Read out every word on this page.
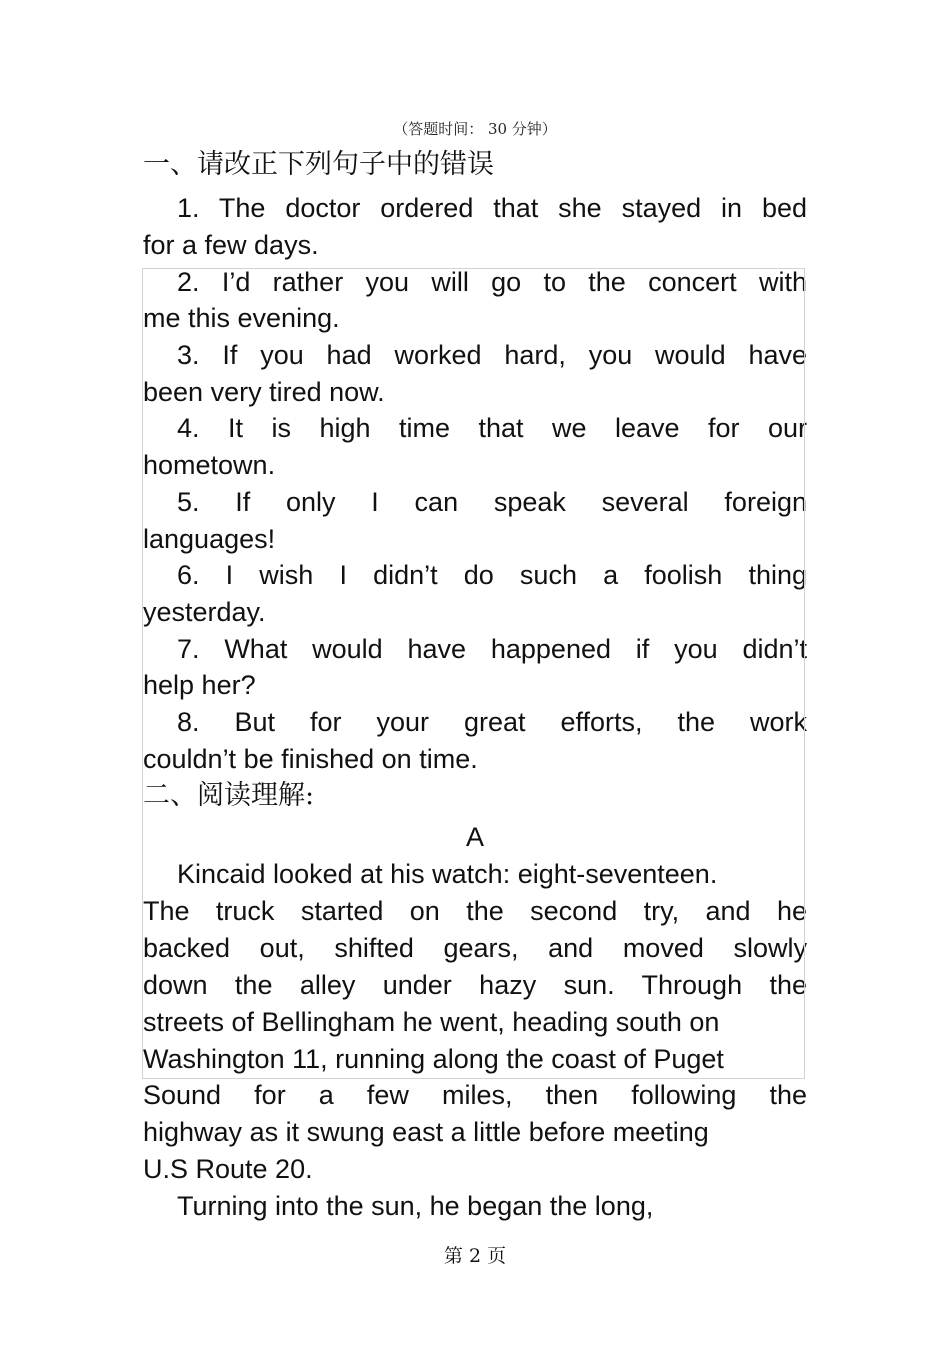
（答题时间： 30 分钟）
一、请改正下列句子中的错误
1. The doctor ordered that she stayed in bed
for a few days.
2. I’d rather you will go to the concert with
me this evening.
3. If you had worked hard, you would have
been very tired now.
4. It is high time that we leave for our
hometown.
5. If only I can speak several foreign
languages!
6. I wish I didn’t do such a foolish thing
yesterday.
7. What would have happened if you didn’t
help her?
8. But for your great efforts, the work
couldn’t be finished on time.
二、阅读理解:
A
Kincaid looked at his watch: eight-seventeen.
The truck started on the second try, and he
backed out, shifted gears, and moved slowly
down the alley under hazy sun. Through the
streets of Bellingham he went, heading south on
Washington 11, running along the coast of Puget
Sound for a few miles, then following the
highway as it swung east a little before meeting
U.S Route 20.
Turning into the sun, he began the long,
第 2 页
